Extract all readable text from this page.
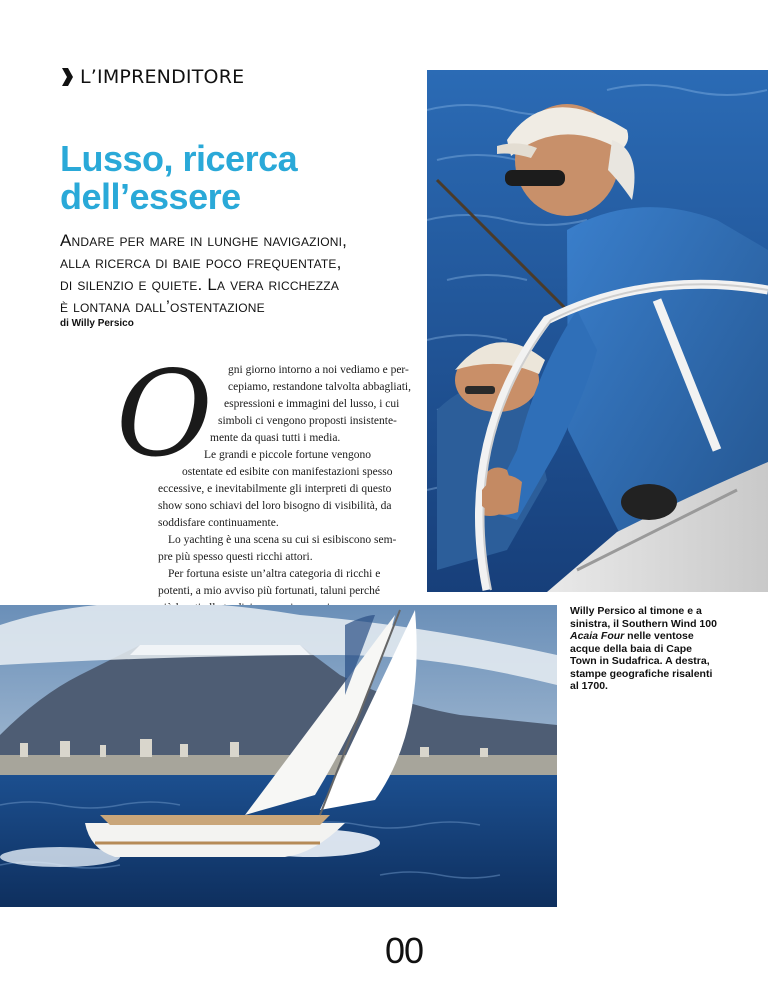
L’IMPRENDITORE
Lusso, ricerca
dell’essere

Andare per mare in lunghe navigazioni,
alla ricerca di baie poco frequentate,
di silenzio e quiete. La vera ricchezza
è lontana dall’ostentazione

di Willy Persico
O	gni giorno intorno a noi vediamo e per-
cepiamo, restandone talvolta abbagliati,
espressioni e immagini del lusso, i cui
simboli ci vengono proposti insistente-
mente da quasi tutti i media.
Le grandi e piccole fortune vengono
ostentate ed esibite con manifestazioni spesso
eccessive, e inevitabilmente gli interpreti di questo
show sono schiavi del loro bisogno di visibilità, da
soddisfare continuamente.
Lo yachting è una scena su cui si esibiscono sem-
pre più spesso questi ricchi attori.
Per fortuna esiste un’altra categoria di ricchi e
potenti, a mio avviso più fortunati, taluni perché
Willy Persico al timone e a sinistra, il Southern Wind 100 Acaia Four nelle ventose acque della baia di Cape Town in Sudafrica. A destra, stampe geografiche risalenti al 1700.
00
